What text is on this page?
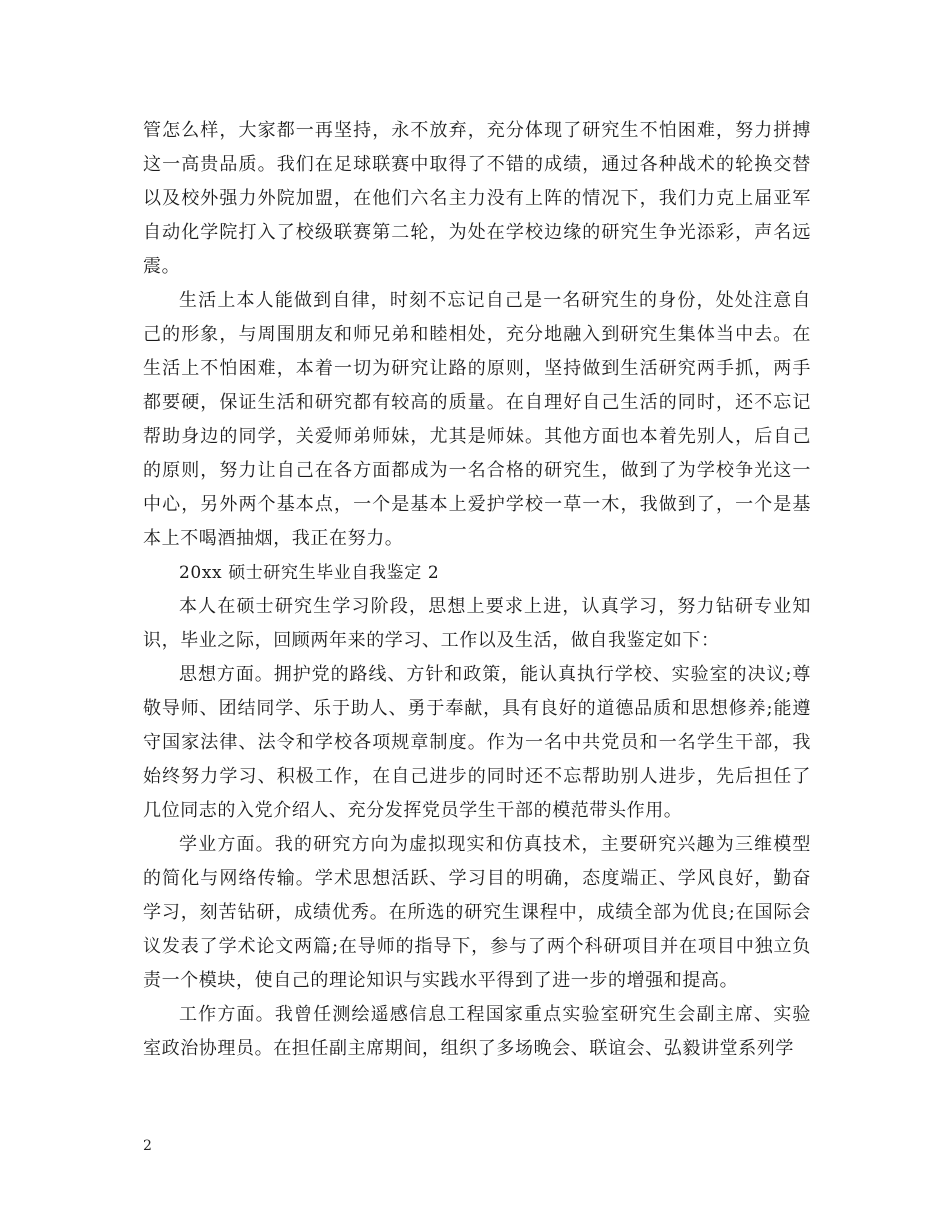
管怎么样，大家都一再坚持，永不放弃，充分体现了研究生不怕困难，努力拼搏这一高贵品质。我们在足球联赛中取得了不错的成绩，通过各种战术的轮换交替以及校外强力外院加盟，在他们六名主力没有上阵的情况下，我们力克上届亚军自动化学院打入了校级联赛第二轮，为处在学校边缘的研究生争光添彩，声名远震。

生活上本人能做到自律，时刻不忘记自己是一名研究生的身份，处处注意自己的形象，与周围朋友和师兄弟和睦相处，充分地融入到研究生集体当中去。在生活上不怕困难，本着一切为研究让路的原则，坚持做到生活研究两手抓，两手都要硬，保证生活和研究都有较高的质量。在自理好自己生活的同时，还不忘记帮助身边的同学，关爱师弟师妹，尤其是师妹。其他方面也本着先别人，后自己的原则，努力让自己在各方面都成为一名合格的研究生，做到了为学校争光这一中心，另外两个基本点，一个是基本上爱护学校一草一木，我做到了，一个是基本上不喝酒抽烟，我正在努力。

20xx 硕士研究生毕业自我鉴定 2

本人在硕士研究生学习阶段，思想上要求上进，认真学习，努力钻研专业知识，毕业之际，回顾两年来的学习、工作以及生活，做自我鉴定如下：

思想方面。拥护党的路线、方针和政策，能认真执行学校、实验室的决议;尊敬导师、团结同学、乐于助人、勇于奉献，具有良好的道德品质和思想修养;能遵守国家法律、法令和学校各项规章制度。作为一名中共党员和一名学生干部，我始终努力学习、积极工作，在自己进步的同时还不忘帮助别人进步，先后担任了几位同志的入党介绍人、充分发挥党员学生干部的模范带头作用。

学业方面。我的研究方向为虚拟现实和仿真技术，主要研究兴趣为三维模型的简化与网络传输。学术思想活跃、学习目的明确，态度端正、学风良好，勤奋学习，刻苦钻研，成绩优秀。在所选的研究生课程中，成绩全部为优良;在国际会议发表了学术论文两篇;在导师的指导下，参与了两个科研项目并在项目中独立负责一个模块，使自己的理论知识与实践水平得到了进一步的增强和提高。

工作方面。我曾任测绘遥感信息工程国家重点实验室研究生会副主席、实验室政治协理员。在担任副主席期间，组织了多场晚会、联谊会、弘毅讲堂系列学

2
